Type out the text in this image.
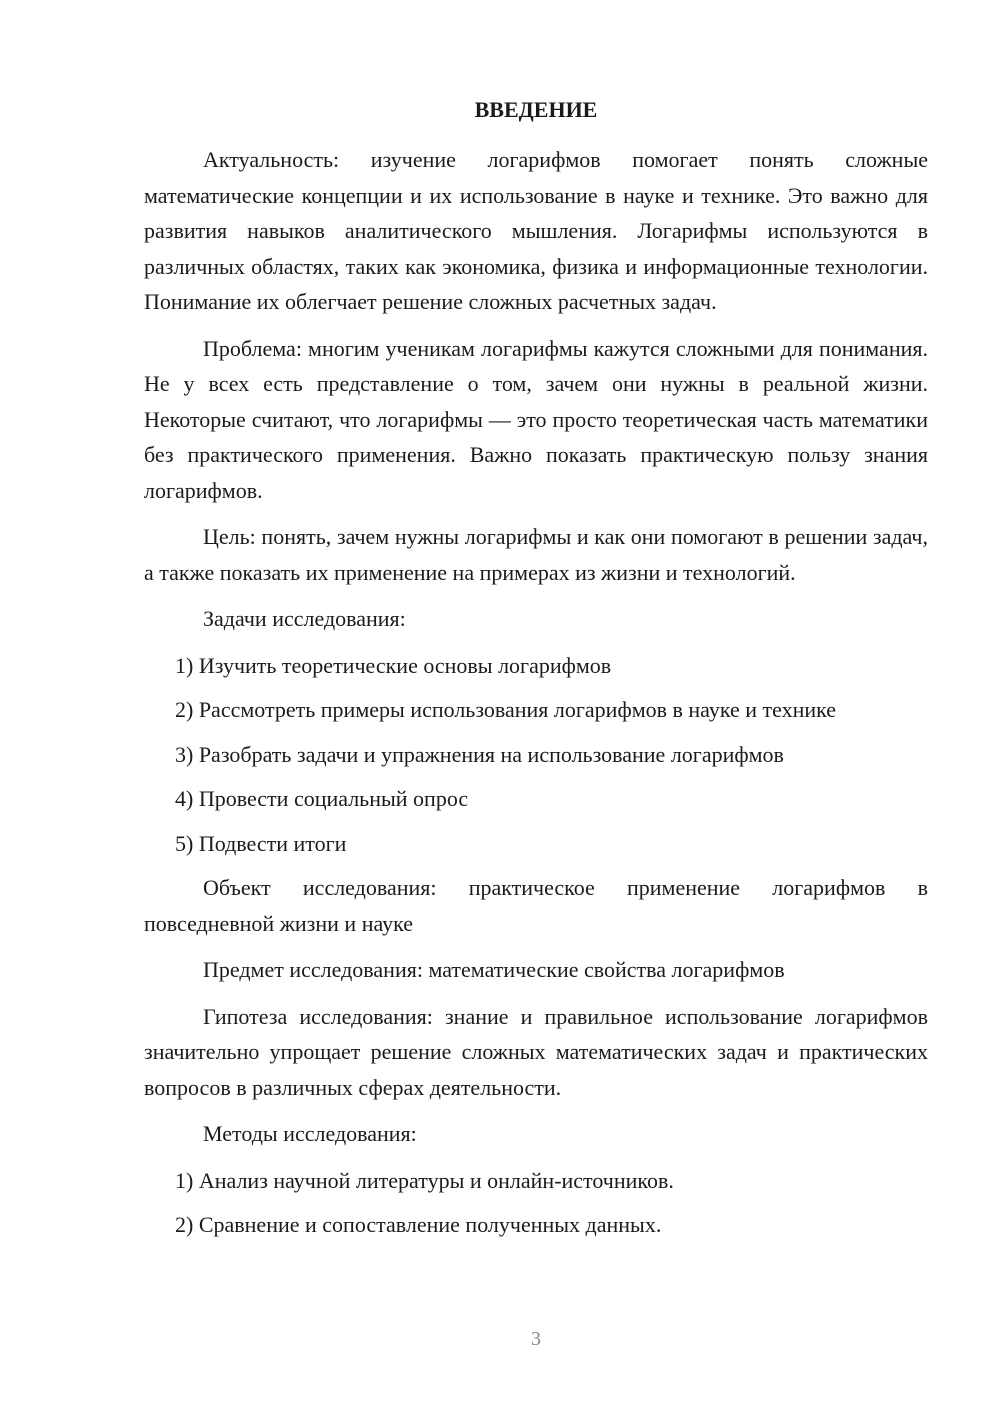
ВВЕДЕНИЕ

Актуальность: изучение логарифмов помогает понять сложные математические концепции и их использование в науке и технике. Это важно для развития навыков аналитического мышления. Логарифмы используются в различных областях, таких как экономика, физика и информационные технологии. Понимание их облегчает решение сложных расчетных задач.

Проблема: многим ученикам логарифмы кажутся сложными для понимания. Не у всех есть представление о том, зачем они нужны в реальной жизни. Некоторые считают, что логарифмы — это просто теоретическая часть математики без практического применения. Важно показать практическую пользу знания логарифмов.

Цель: понять, зачем нужны логарифмы и как они помогают в решении задач, а также показать их применение на примерах из жизни и технологий.

Задачи исследования:

1) Изучить теоретические основы логарифмов
2) Рассмотреть примеры использования логарифмов в науке и технике
3) Разобрать задачи и упражнения на использование логарифмов
4) Провести социальный опрос
5) Подвести итоги

Объект исследования: практическое применение логарифмов в повседневной жизни и науке

Предмет исследования: математические свойства логарифмов

Гипотеза исследования: знание и правильное использование логарифмов значительно упрощает решение сложных математических задач и практических вопросов в различных сферах деятельности.

Методы исследования:

1) Анализ научной литературы и онлайн-источников.
2) Сравнение и сопоставление полученных данных.
3
